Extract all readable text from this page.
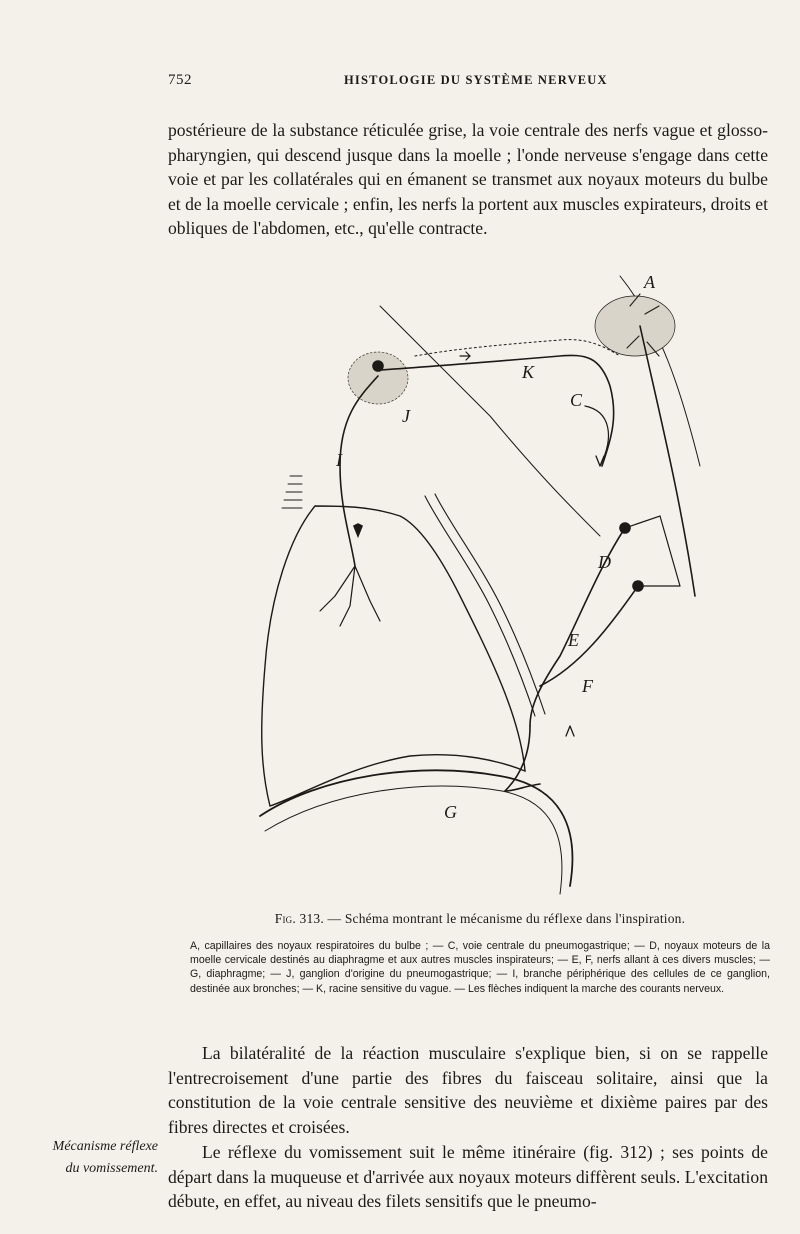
752	HISTOLOGIE DU SYSTÈME NERVEUX

postérieure de la substance réticulée grise, la voie centrale des nerfs vague et glosso-pharyngien, qui descend jusque dans la moelle ; l'onde nerveuse s'engage dans cette voie et par les collatérales qui en émanent se transmet aux noyaux moteurs du bulbe et de la moelle cervicale ; enfin, les nerfs la portent aux muscles expirateurs, droits et obliques de l'abdomen, etc., qu'elle contracte.

A
C
D
E
F
G
I
J
K

Fig. 313. — Schéma montrant le mécanisme du réflexe dans l'inspiration.

A, capillaires des noyaux respiratoires du bulbe ; — C, voie centrale du pneumogastrique; — D, noyaux moteurs de la moelle cervicale destinés au diaphragme et aux autres muscles inspirateurs; — E, F, nerfs allant à ces divers muscles; — G, diaphragme; — J, ganglion d'origine du pneumogastrique; — I, branche périphérique des cellules de ce ganglion, destinée aux bronches; — K, racine sensitive du vague. — Les flèches indiquent la marche des courants nerveux.

La bilatéralité de la réaction musculaire s'explique bien, si on se rappelle l'entrecroisement d'une partie des fibres du faisceau solitaire, ainsi que la constitution de la voie centrale sensitive des neuvième et dixième paires par des fibres directes et croisées.

Mécanisme réflexe du vomissement.

Le réflexe du vomissement suit le même itinéraire (fig. 312) ; ses points de départ dans la muqueuse et d'arrivée aux noyaux moteurs diffèrent seuls. L'excitation débute, en effet, au niveau des filets sensitifs que le pneumo-
